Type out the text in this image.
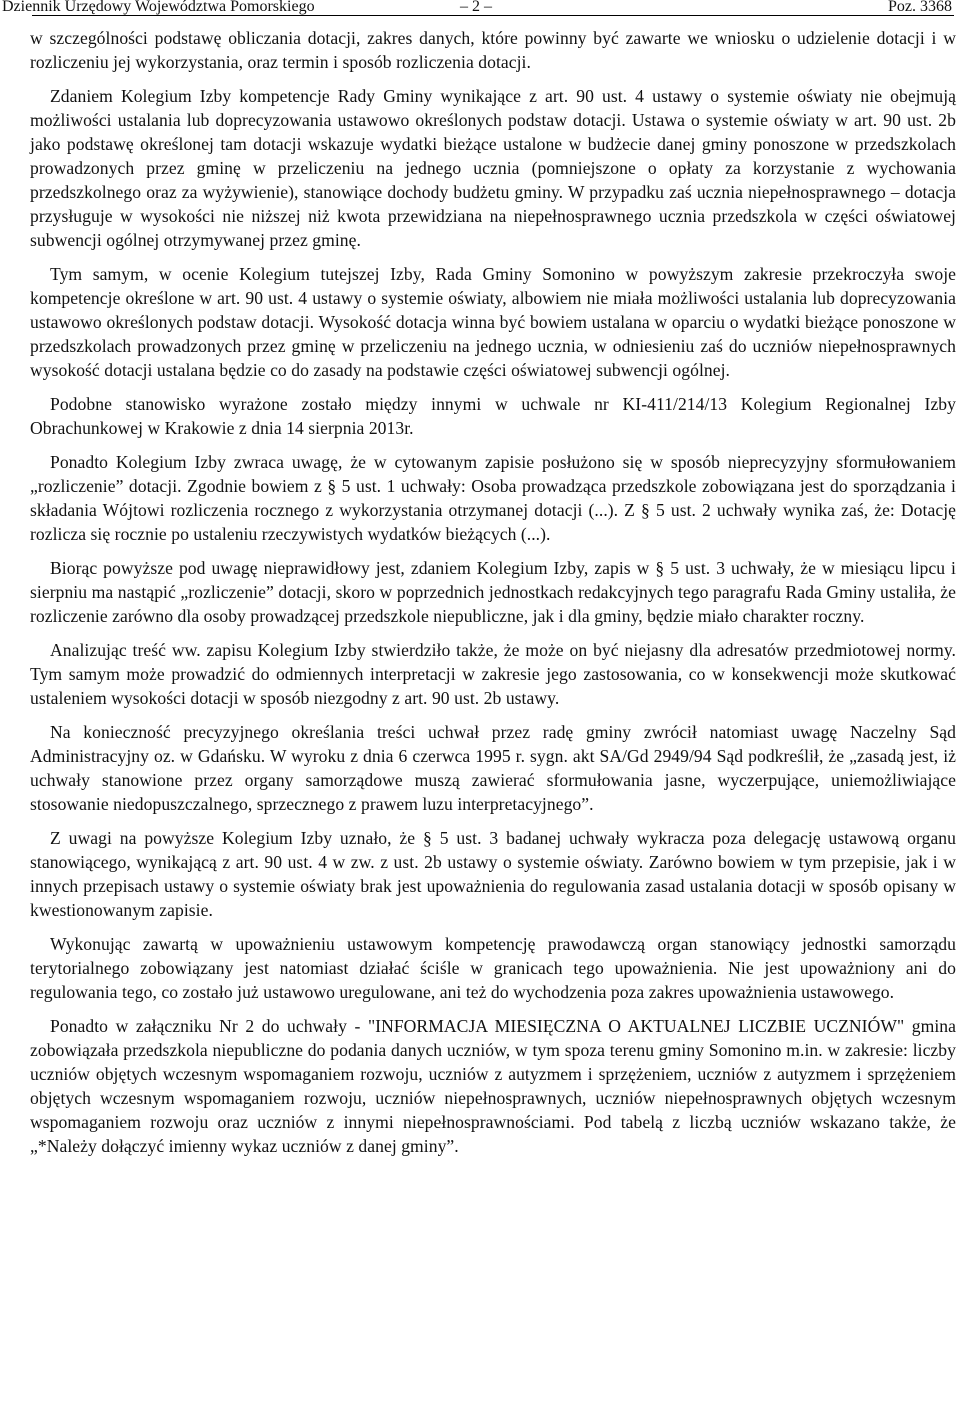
Dziennik Urzędowy Województwa Pomorskiego	– 2 –	Poz. 3368

w szczególności podstawę obliczania dotacji, zakres danych, które powinny być zawarte we wniosku o udzielenie dotacji i w rozliczeniu jej wykorzystania, oraz termin i sposób rozliczenia dotacji.

Zdaniem Kolegium Izby kompetencje Rady Gminy wynikające z art. 90 ust. 4 ustawy o systemie oświaty nie obejmują możliwości ustalania lub doprecyzowania ustawowo określonych podstaw dotacji. Ustawa o systemie oświaty w art. 90 ust. 2b jako podstawę określonej tam dotacji wskazuje wydatki bieżące ustalone w budżecie danej gminy ponoszone w przedszkolach prowadzonych przez gminę w przeliczeniu na jednego ucznia (pomniejszone o opłaty za korzystanie z wychowania przedszkolnego oraz za wyżywienie), stanowiące dochody budżetu gminy. W przypadku zaś ucznia niepełnosprawnego – dotacja przysługuje w wysokości nie niższej niż kwota przewidziana na niepełnosprawnego ucznia przedszkola w części oświatowej subwencji ogólnej otrzymywanej przez gminę.

Tym samym, w ocenie Kolegium tutejszej Izby, Rada Gminy Somonino w powyższym zakresie przekroczyła swoje kompetencje określone w art. 90 ust. 4 ustawy o systemie oświaty, albowiem nie miała możliwości ustalania lub doprecyzowania ustawowo określonych podstaw dotacji. Wysokość dotacja winna być bowiem ustalana w oparciu o wydatki bieżące ponoszone w przedszkolach prowadzonych przez gminę w przeliczeniu na jednego ucznia, w odniesieniu zaś do uczniów niepełnosprawnych wysokość dotacji ustalana będzie co do zasady na podstawie części oświatowej subwencji ogólnej.

Podobne stanowisko wyrażone zostało między innymi w uchwale nr KI-411/214/13 Kolegium Regionalnej Izby Obrachunkowej w Krakowie z dnia 14 sierpnia 2013r.

Ponadto Kolegium Izby zwraca uwagę, że w cytowanym zapisie posłużono się w sposób nieprecyzyjny sformułowaniem „rozliczenie” dotacji. Zgodnie bowiem z § 5 ust. 1 uchwały: Osoba prowadząca przedszkole zobowiązana jest do sporządzania i składania Wójtowi rozliczenia rocznego z wykorzystania otrzymanej dotacji (...). Z § 5 ust. 2 uchwały wynika zaś, że: Dotację rozlicza się rocznie po ustaleniu rzeczywistych wydatków bieżących (...).

Biorąc powyższe pod uwagę nieprawidłowy jest, zdaniem Kolegium Izby, zapis w § 5 ust. 3 uchwały, że w miesiącu lipcu i sierpniu ma nastąpić „rozliczenie” dotacji, skoro w poprzednich jednostkach redakcyjnych tego paragrafu Rada Gminy ustaliła, że rozliczenie zarówno dla osoby prowadzącej przedszkole niepubliczne, jak i dla gminy, będzie miało charakter roczny.

Analizując treść ww. zapisu Kolegium Izby stwierdziło także, że może on być niejasny dla adresatów przedmiotowej normy. Tym samym może prowadzić do odmiennych interpretacji w zakresie jego zastosowania, co w konsekwencji może skutkować ustaleniem wysokości dotacji w sposób niezgodny z art. 90 ust. 2b ustawy.

Na konieczność precyzyjnego określania treści uchwał przez radę gminy zwrócił natomiast uwagę Naczelny Sąd Administracyjny oz. w Gdańsku. W wyroku z dnia 6 czerwca 1995 r. sygn. akt SA/Gd 2949/94 Sąd podkreślił, że „zasadą jest, iż uchwały stanowione przez organy samorządowe muszą zawierać sformułowania jasne, wyczerpujące, uniemożliwiające stosowanie niedopuszczalnego, sprzecznego z prawem luzu interpretacyjnego”.

Z uwagi na powyższe Kolegium Izby uznało, że § 5 ust. 3 badanej uchwały wykracza poza delegację ustawową organu stanowiącego, wynikającą z art. 90 ust. 4 w zw. z ust. 2b ustawy o systemie oświaty. Zarówno bowiem w tym przepisie, jak i w innych przepisach ustawy o systemie oświaty brak jest upoważnienia do regulowania zasad ustalania dotacji w sposób opisany w kwestionowanym zapisie.

Wykonując zawartą w upoważnieniu ustawowym kompetencję prawodawczą organ stanowiący jednostki samorządu terytorialnego zobowiązany jest natomiast działać ściśle w granicach tego upoważnienia. Nie jest upoważniony ani do regulowania tego, co zostało już ustawowo uregulowane, ani też do wychodzenia poza zakres upoważnienia ustawowego.

Ponadto w załączniku Nr 2 do uchwały - "INFORMACJA MIESIĘCZNA O AKTUALNEJ LICZBIE UCZNIÓW" gmina zobowiązała przedszkola niepubliczne do podania danych uczniów, w tym spoza terenu gminy Somonino m.in. w zakresie: liczby uczniów objętych wczesnym wspomaganiem rozwoju, uczniów z autyzmem i sprzężeniem, uczniów z autyzmem i sprzężeniem objętych wczesnym wspomaganiem rozwoju, uczniów niepełnosprawnych, uczniów niepełnosprawnych objętych wczesnym wspomaganiem rozwoju oraz uczniów z innymi niepełnosprawnościami. Pod tabelą z liczbą uczniów wskazano także, że „*Należy dołączyć imienny wykaz uczniów z danej gminy”.
